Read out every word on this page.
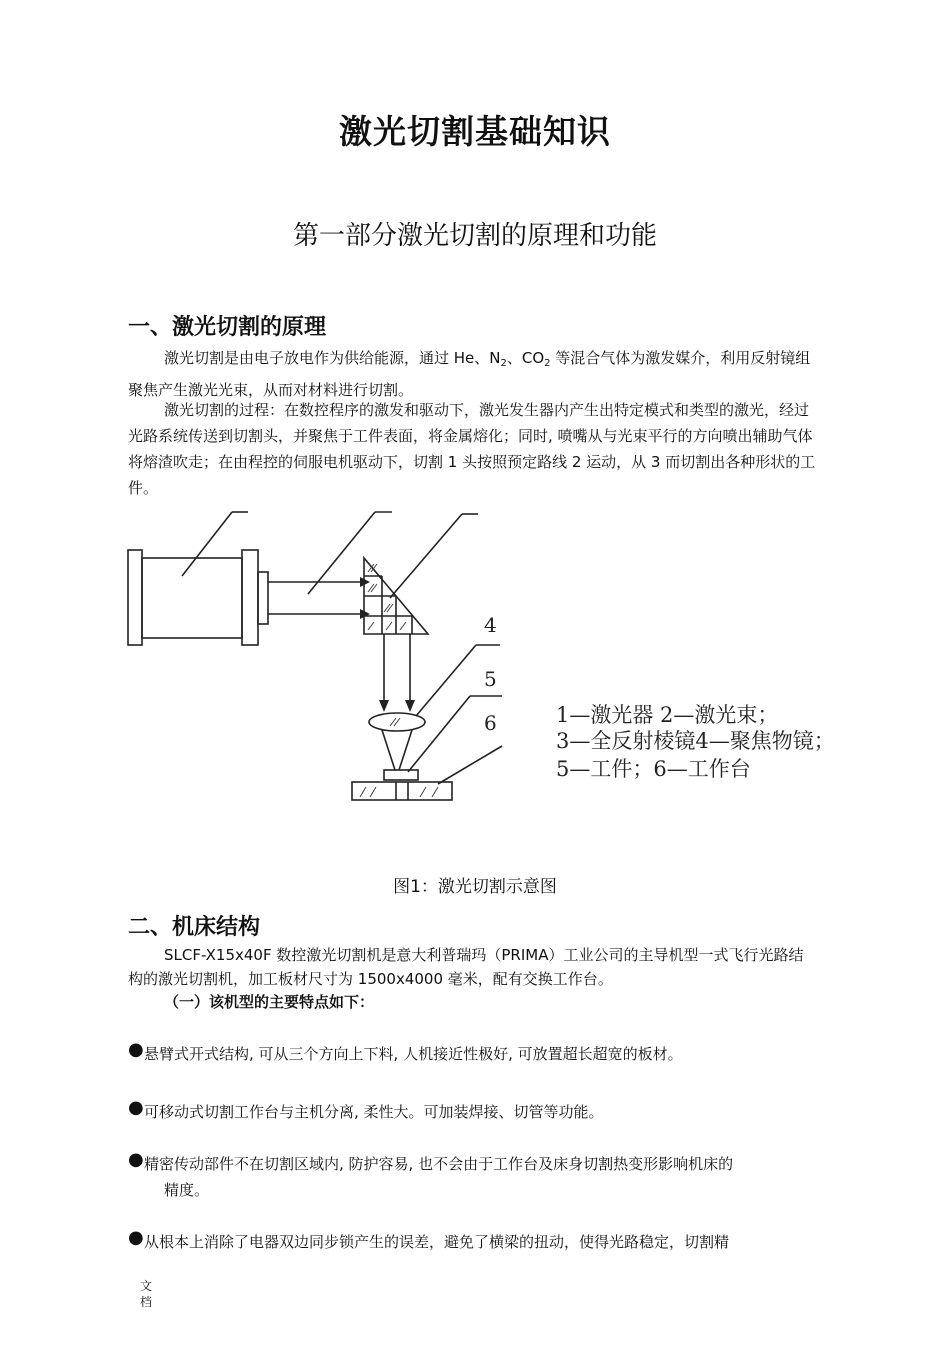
激光切割基础知识
第一部分激光切割的原理和功能
一、激光切割的原理
激光切割是由电子放电作为供给能源，通过 He、$N_2$、$CO_2$ 等混合气体为激发媒介，利用反射镜组聚焦产生激光光束，从而对材料进行切割。
激光切割的过程：在数控程序的激发和驱动下，激光发生器内产生出特定模式和类型的激光，经过光路系统传送到切割头，并聚焦于工件表面，将金属熔化；同时, 喷嘴从与光束平行的方向喷出辅助气体将熔渣吹走；在由程控的伺服电机驱动下，切割 1 头按照预定路线 2 运动，从 3 而切割出各种形状的工件。
4
5
6	1—激光器 2—激光束；
3—全反射棱镜4—聚焦物镜；
5—工件；6—工作台
图1：激光切割示意图
二、机床结构
SLCF-X15x40F 数控激光切割机是意大利普瑞玛（PRIMA）工业公司的主导机型一式飞行光路结构的激光切割机，加工板材尺寸为 1500x4000 毫米，配有交换工作台。
（一）该机型的主要特点如下：
● 悬臂式开式结构, 可从三个方向上下料, 人机接近性极好, 可放置超长超宽的板材。
● 可移动式切割工作台与主机分离, 柔性大。可加装焊接、切管等功能。
● 精密传动部件不在切割区域内, 防护容易, 也不会由于工作台及床身切割热变形影响机床的
精度。
● 从根本上消除了电器双边同步锁产生的误差，避免了横梁的扭动，使得光路稳定，切割精
文档
